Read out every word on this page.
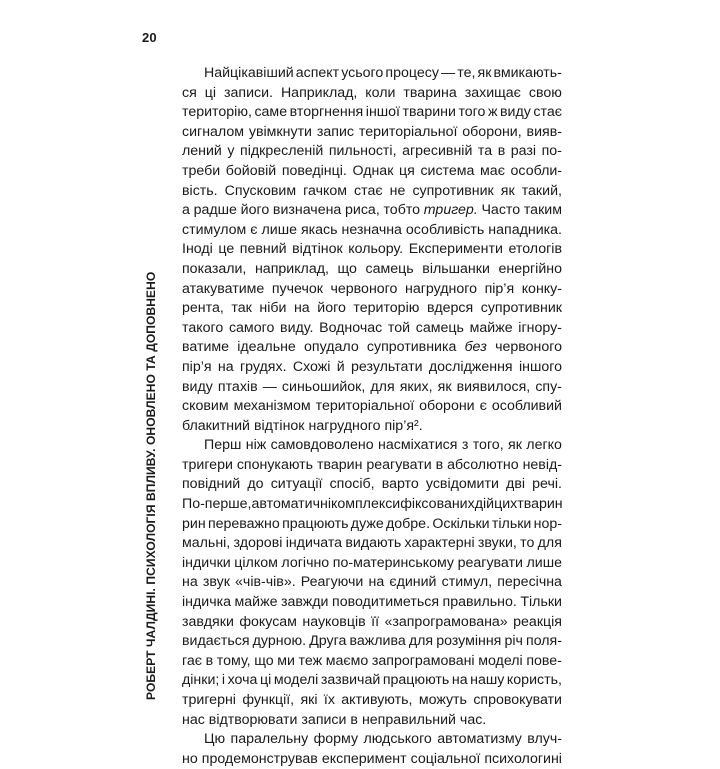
20
РОБЕРТ ЧАЛДИНІ. ПСИХОЛОГІЯ ВПЛИВУ. ОНОВЛЕНО ТА ДОПОВНЕНО
Найцікавіший аспект усього процесу — те, як вмикають-
ся ці записи. Наприклад, коли тварина захищає свою
територію, саме вторгнення іншої тварини того ж виду стає
сигналом увімкнути запис територіальної оборони, вияв-
лений у підкресленій пильності, агресивній та в разі по-
треби бойовій поведінці. Однак ця система має особли-
вість. Спусковим гачком стає не супротивник як такий,
а радше його визначена риса, тобто тригер. Часто таким
стимулом є лише якась незначна особливість нападника.
Іноді це певний відтінок кольору. Експерименти етологів
показали, наприклад, що самець вільшанки енергійно
атакуватиме пучечок червоного нагрудного пір’я конку-
рента, так ніби на його територію вдерся супротивник
такого самого виду. Водночас той самець майже ігнору-
ватиме ідеальне опудало супротивника без червоного
пір’я на грудях. Схожі й результати дослідження іншого
виду птахів — синьошийок, для яких, як виявилося, спу-
сковим механізмом територіальної оборони є особливий
блакитний відтінок нагрудного пір’я².
Перш ніж самовдоволено насміхатися з того, як легко
тригери спонукають тварин реагувати в абсолютно невід-
повідний до ситуації спосіб, варто усвідомити дві речі.
По-перше, автоматичні комплекси фіксованих дій цих тварин
рин переважно працюють дуже добре. Оскільки тільки нор-
мальні, здорові індичата видають характерні звуки, то для
індички цілком логічно по-материнському реагувати лише
на звук «чів-чів». Реагуючи на єдиний стимул, пересічна
індичка майже завжди поводитиметься правильно. Тільки
завдяки фокусам науковців її «запрограмована» реакція
видається дурною. Друга важлива для розуміння річ поля-
гає в тому, що ми теж маємо запрограмовані моделі пове-
дінки; і хоча ці моделі зазвичай працюють на нашу користь,
тригерні функції, які їх активують, можуть спровокувати
нас відтворювати записи в неправильний час.
Цю паралельну форму людського автоматизму влуч-
но продемонстрував експеримент соціальної психологині
